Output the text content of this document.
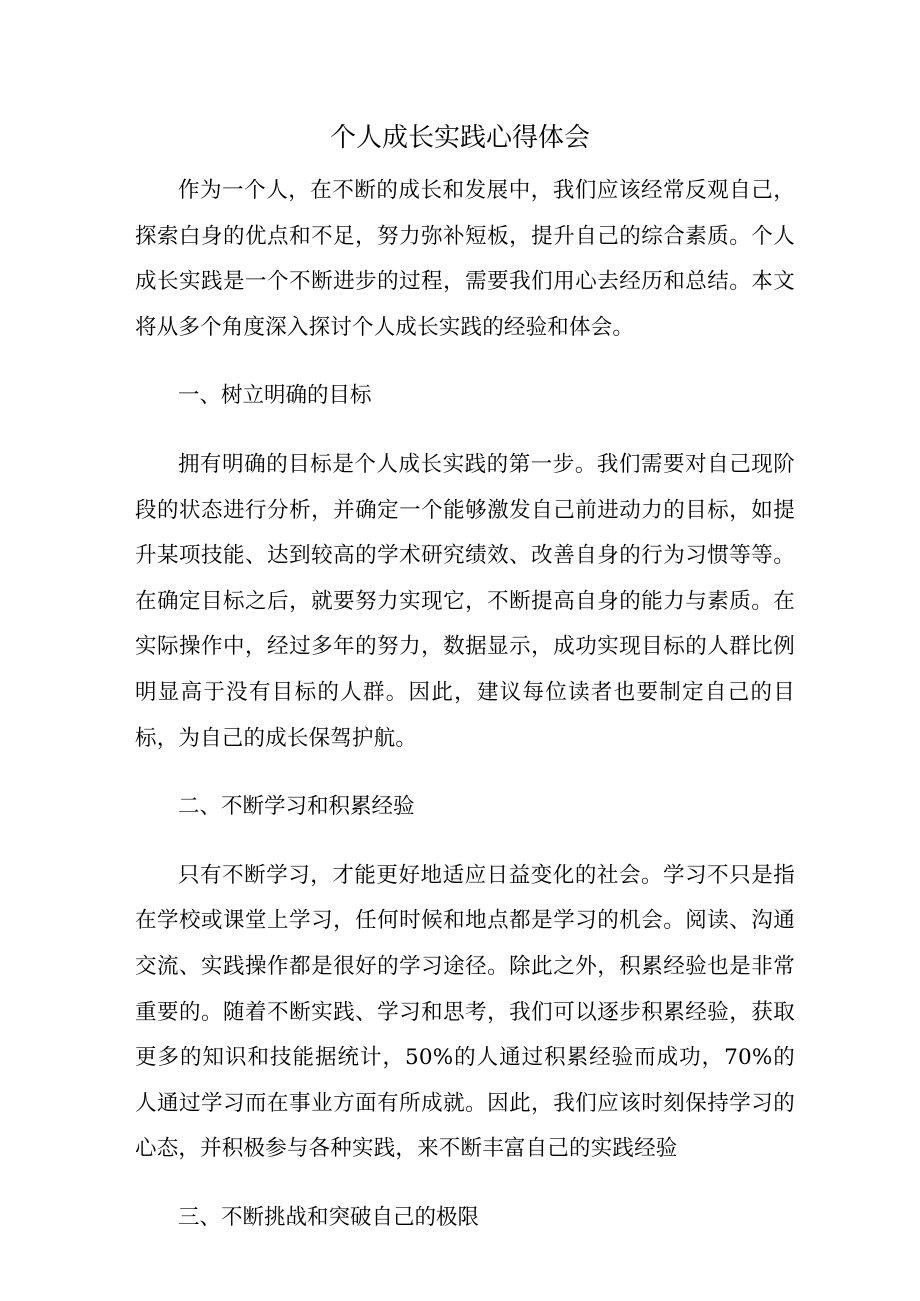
个人成长实践心得体会

作为一个人，在不断的成长和发展中，我们应该经常反观自己，探索白身的优点和不足，努力弥补短板，提升自己的综合素质。个人成长实践是一个不断进步的过程，需要我们用心去经历和总结。本文将从多个角度深入探讨个人成长实践的经验和体会。

一、树立明确的目标

拥有明确的目标是个人成长实践的第一步。我们需要对自己现阶段的状态进行分析，并确定一个能够激发自己前进动力的目标，如提升某项技能、达到较高的学术研究绩效、改善自身的行为习惯等等。在确定目标之后，就要努力实现它，不断提高自身的能力与素质。在实际操作中，经过多年的努力，数据显示，成功实现目标的人群比例明显高于没有目标的人群。因此，建议每位读者也要制定自己的目标，为自己的成长保驾护航。

二、不断学习和积累经验

只有不断学习，才能更好地适应日益变化的社会。学习不只是指在学校或课堂上学习，任何时候和地点都是学习的机会。阅读、沟通交流、实践操作都是很好的学习途径。除此之外，积累经验也是非常重要的。随着不断实践、学习和思考，我们可以逐步积累经验，获取更多的知识和技能据统计，50%的人通过积累经验而成功，70%的人通过学习而在事业方面有所成就。因此，我们应该时刻保持学习的心态，并积极参与各种实践，来不断丰富自己的实践经验

三、不断挑战和突破自己的极限
